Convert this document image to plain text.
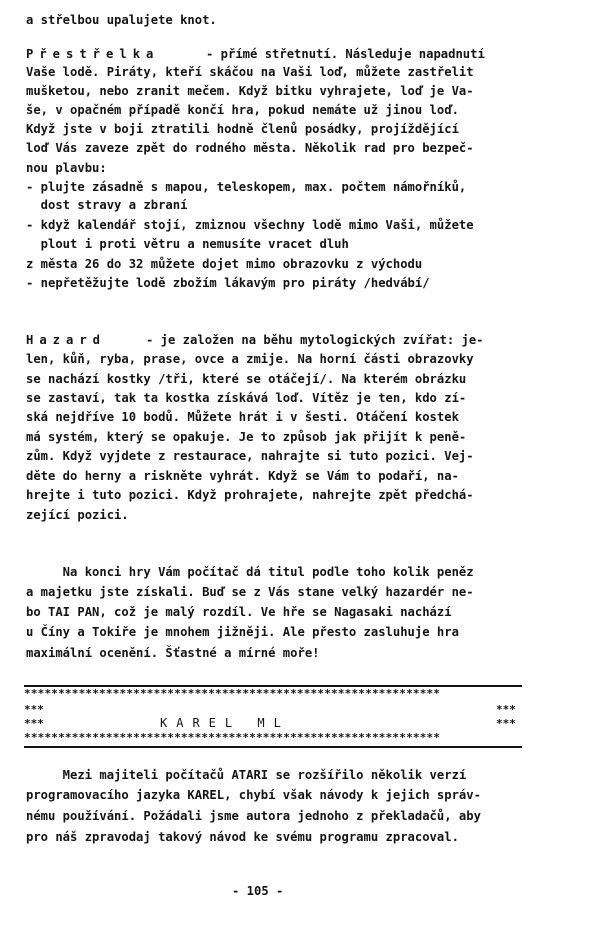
a střelbou upalujete knot.
Přestřelka	- přímé střetnutí. Následuje napadnutí
Vaše lodě. Piráty, kteří skáčou na Vaši loď, můžete zastřelit
mušketou, nebo zranit mečem. Když bitku vyhrajete, loď je Va-
še, v opačném případě končí hra, pokud nemáte už jinou loď.
Když jste v boji ztratili hodně členů posádky, projíždějící
loď Vás zaveze zpět do rodného města. Několik rad pro bezpeč-
nou plavbu:
- plujte zásadně s mapou, teleskopem, max. počtem námořníků,
dost stravy a zbraní
- když kalendář stojí, zmiznou všechny lodě mimo Vaši, můžete
plout i proti větru a nemusíte vracet dluh
z města 26 do 32 můžete dojet mimo obrazovku z východu
- nepřetěžujte lodě zbožím lákavým pro piráty /hedvábí/
Hazard	- je založen na běhu mytologických zvířat: je-
len, kůň, ryba, prase, ovce a zmije. Na horní části obrazovky
se nachází kostky /tři, které se otáčejí/. Na kterém obrázku
se zastaví, tak ta kostka získává loď. Vítěz je ten, kdo zí-
ská nejdříve 10 bodů. Můžete hrát i v šesti. Otáčení kostek
má systém, který se opakuje. Je to způsob jak přijít k peně-
zům. Když vyjdete z restaurace, nahrajte si tuto pozici. Vej-
děte do herny a riskněte vyhrát. Když se Vám to podaří, na-
hrejte i tuto pozici. Když prohrajete, nahrejte zpět předchá-
zející pozici.
Na konci hry Vám počítač dá titul podle toho kolik peněz
a majetku jste získali. Buď se z Vás stane velký hazardér ne-
bo TAI PAN, což je malý rozdíl. Ve hře se Nagasaki nachází
u Číny a Tokiře je mnohem jižněji. Ale přesto zasluhuje hra
maximální ocenění. Šťastné a mírné moře!
*************************************************************
***	***
***	***
KAREL ML
*************************************************************
Mezi majiteli počítačů ATARI se rozšířilo několik verzí
programovacího jazyka KAREL, chybí však návody k jejich správ-
nému používání. Požádali jsme autora jednoho z překladačů, aby
pro náš zpravodaj takový návod ke svému programu zpracoval.
- 105 -
